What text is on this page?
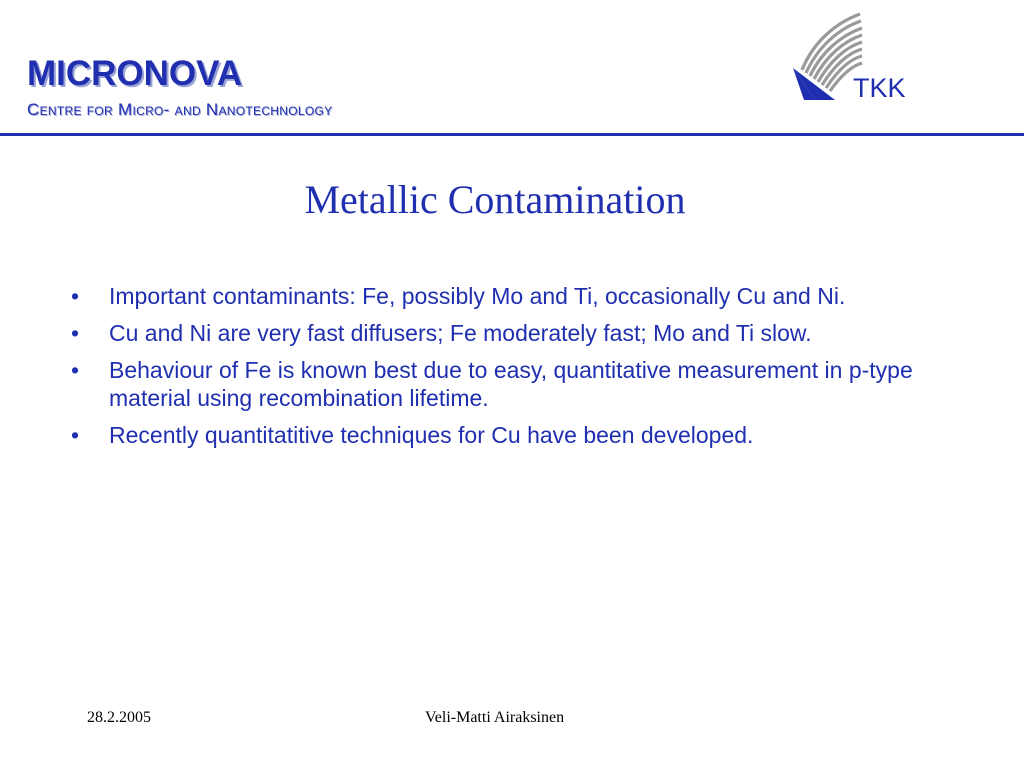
MICRONOVA
Centre for Micro- and Nanotechnology
TKK
Metallic Contamination
• Important contaminants: Fe, possibly Mo and Ti, occasionally Cu and Ni.
• Cu and Ni are very fast diffusers; Fe moderately fast; Mo and Ti slow.
• Behaviour of Fe is known best due to easy, quantitative measurement in p-type material using recombination lifetime.
• Recently quantitatitive techniques for Cu have been developed.
28.2.2005	Veli-Matti Airaksinen
